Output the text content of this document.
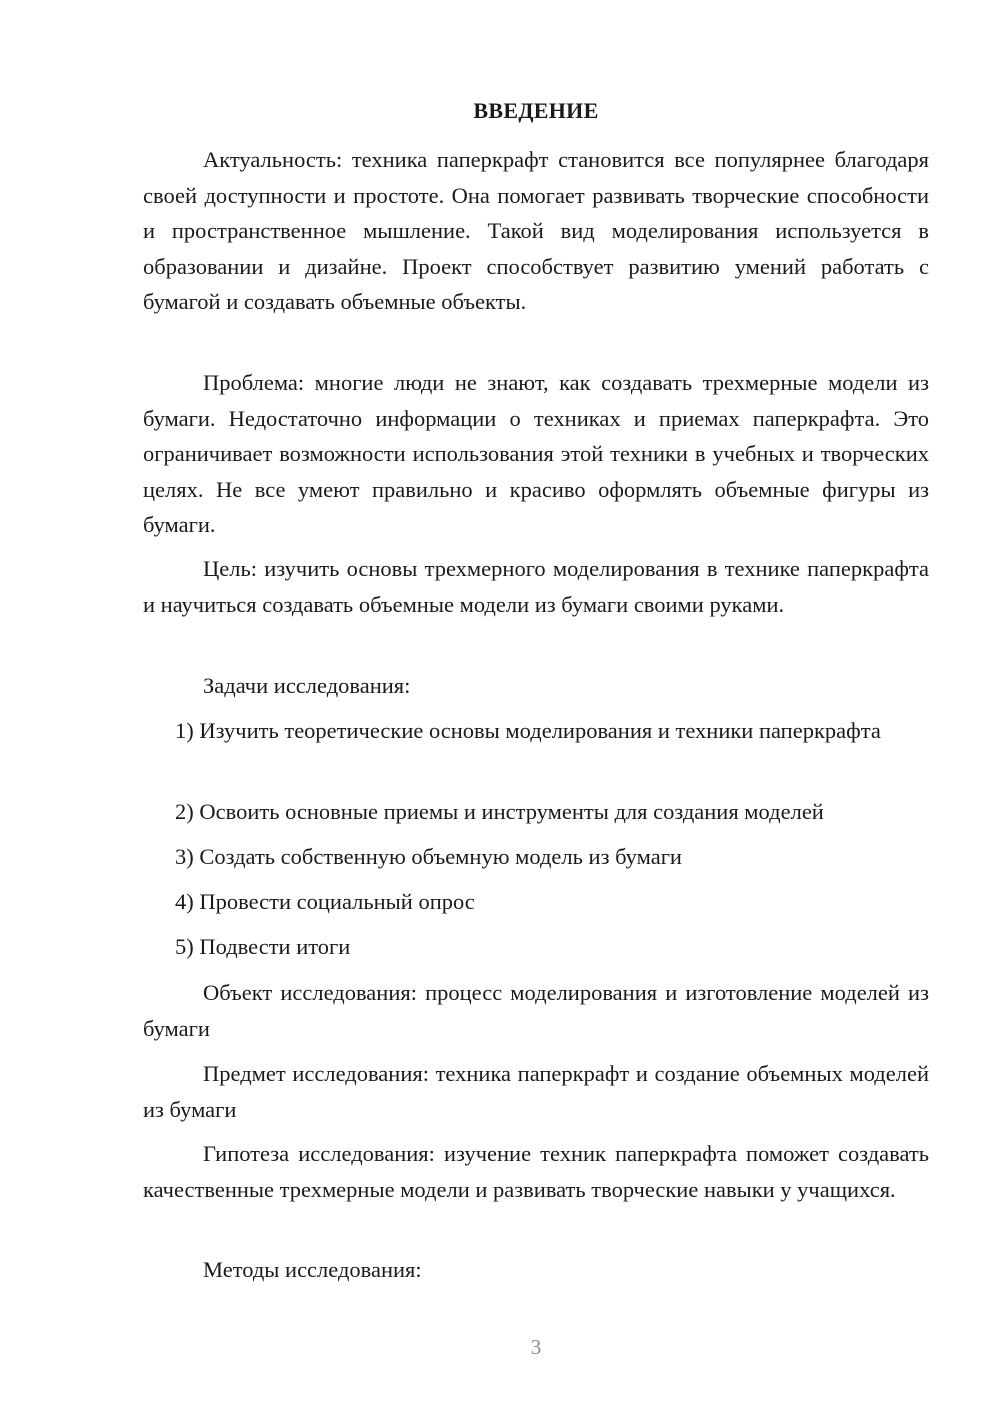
ВВЕДЕНИЕ

Актуальность: техника паперкрафт становится все популярнее благодаря своей доступности и простоте. Она помогает развивать творческие способности и пространственное мышление. Такой вид моделирования используется в образовании и дизайне. Проект способствует развитию умений работать с бумагой и создавать объемные объекты.

Проблема: многие люди не знают, как создавать трехмерные модели из бумаги. Недостаточно информации о техниках и приемах паперкрафта. Это ограничивает возможности использования этой техники в учебных и творческих целях. Не все умеют правильно и красиво оформлять объемные фигуры из бумаги.

Цель: изучить основы трехмерного моделирования в технике паперкрафта и научиться создавать объемные модели из бумаги своими руками.

Задачи исследования:

1) Изучить теоретические основы моделирования и техники паперкрафта

2) Освоить основные приемы и инструменты для создания моделей

3) Создать собственную объемную модель из бумаги

4) Провести социальный опрос

5) Подвести итоги

Объект исследования: процесс моделирования и изготовление моделей из бумаги

Предмет исследования: техника паперкрафт и создание объемных моделей из бумаги

Гипотеза исследования: изучение техник паперкрафта поможет создавать качественные трехмерные модели и развивать творческие навыки у учащихся.

Методы исследования:

3
